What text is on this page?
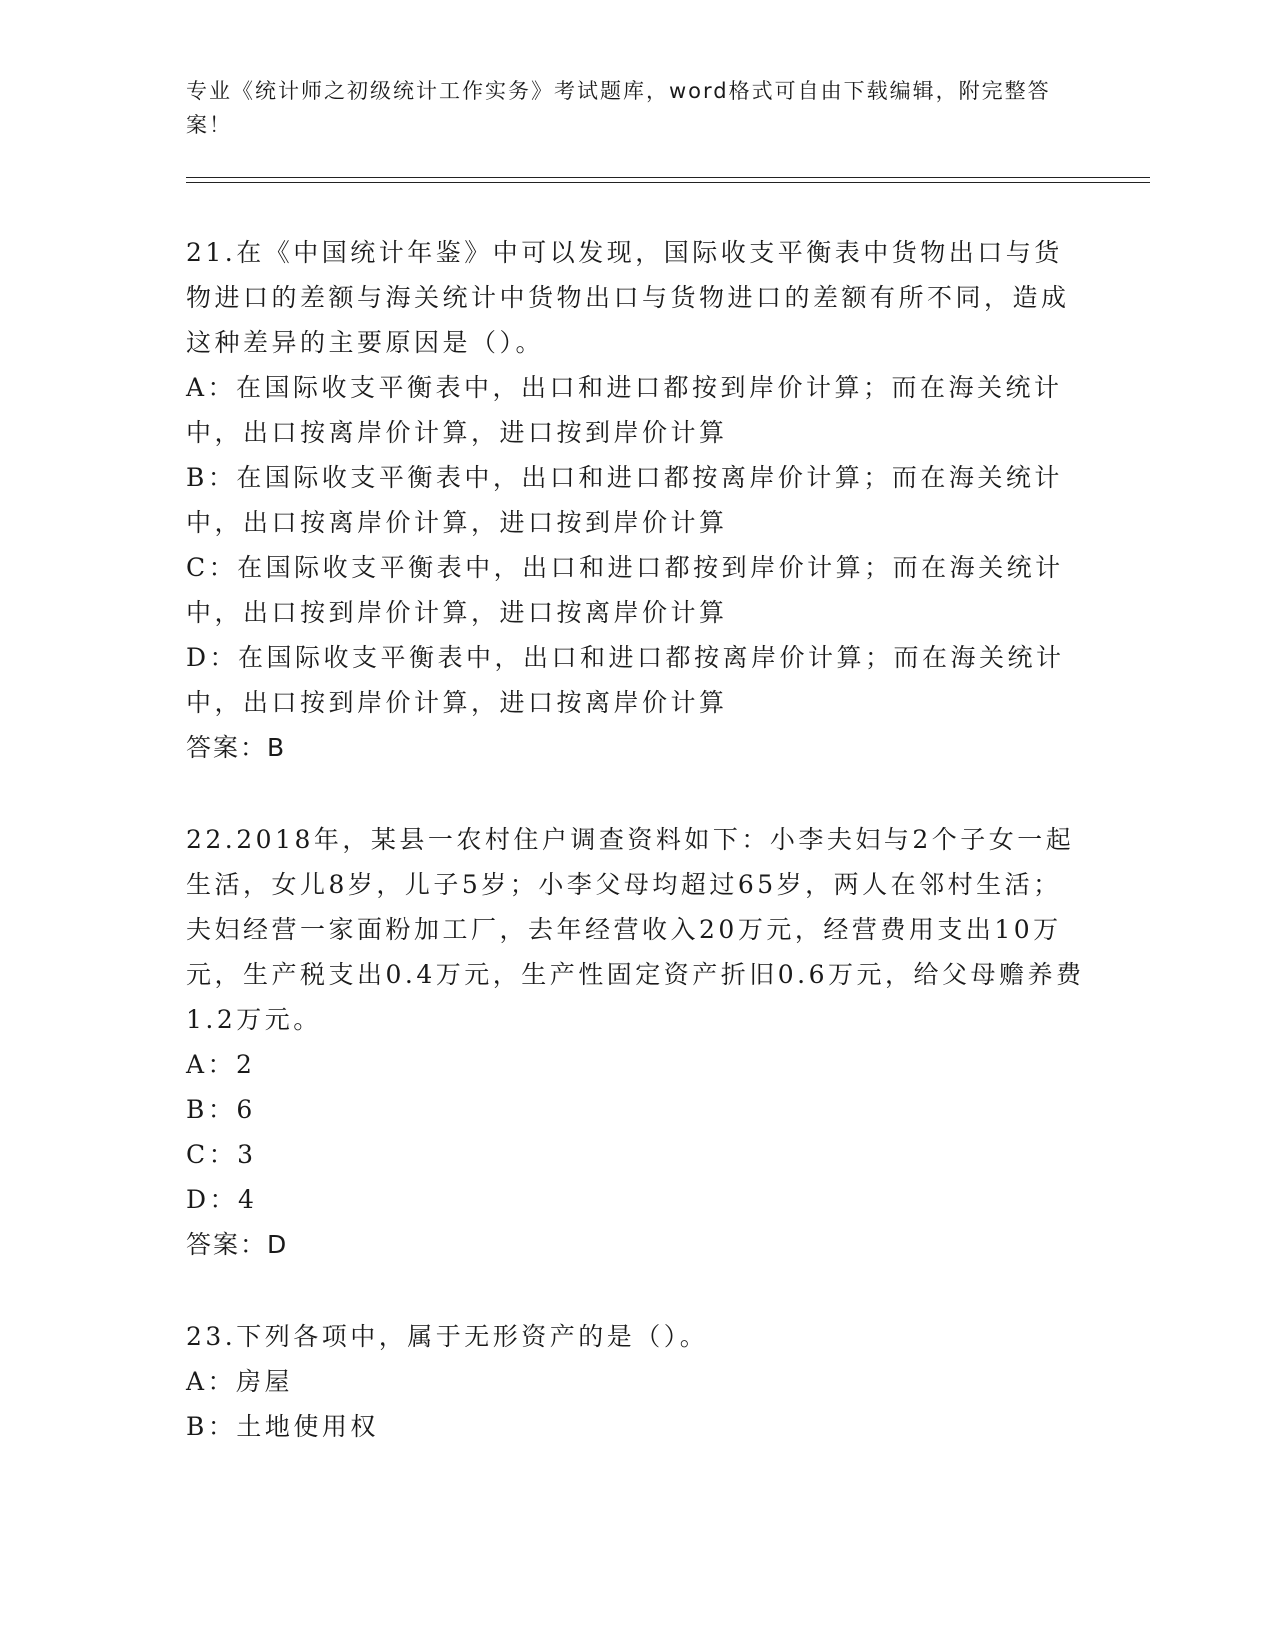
专业《统计师之初级统计工作实务》考试题库，word格式可自由下载编辑，附完整答案！

21.在《中国统计年鉴》中可以发现，国际收支平衡表中货物出口与货物进口的差额与海关统计中货物出口与货物进口的差额有所不同，造成这种差异的主要原因是（）。

A：在国际收支平衡表中，出口和进口都按到岸价计算；而在海关统计中，出口按离岸价计算，进口按到岸价计算

B：在国际收支平衡表中，出口和进口都按离岸价计算；而在海关统计中，出口按离岸价计算，进口按到岸价计算

C：在国际收支平衡表中，出口和进口都按到岸价计算；而在海关统计中，出口按到岸价计算，进口按离岸价计算

D：在国际收支平衡表中，出口和进口都按离岸价计算；而在海关统计中，出口按到岸价计算，进口按离岸价计算

答案：B

22.2018年，某县一农村住户调查资料如下：小李夫妇与2个子女一起生活，女儿8岁，儿子5岁；小李父母均超过65岁，两人在邻村生活；夫妇经营一家面粉加工厂，去年经营收入20万元，经营费用支出10万元，生产税支出0.4万元，生产性固定资产折旧0.6万元，给父母赡养费1.2万元。

A：2

B：6

C：3

D：4

答案：D

23.下列各项中，属于无形资产的是（）。

A：房屋

B：土地使用权
